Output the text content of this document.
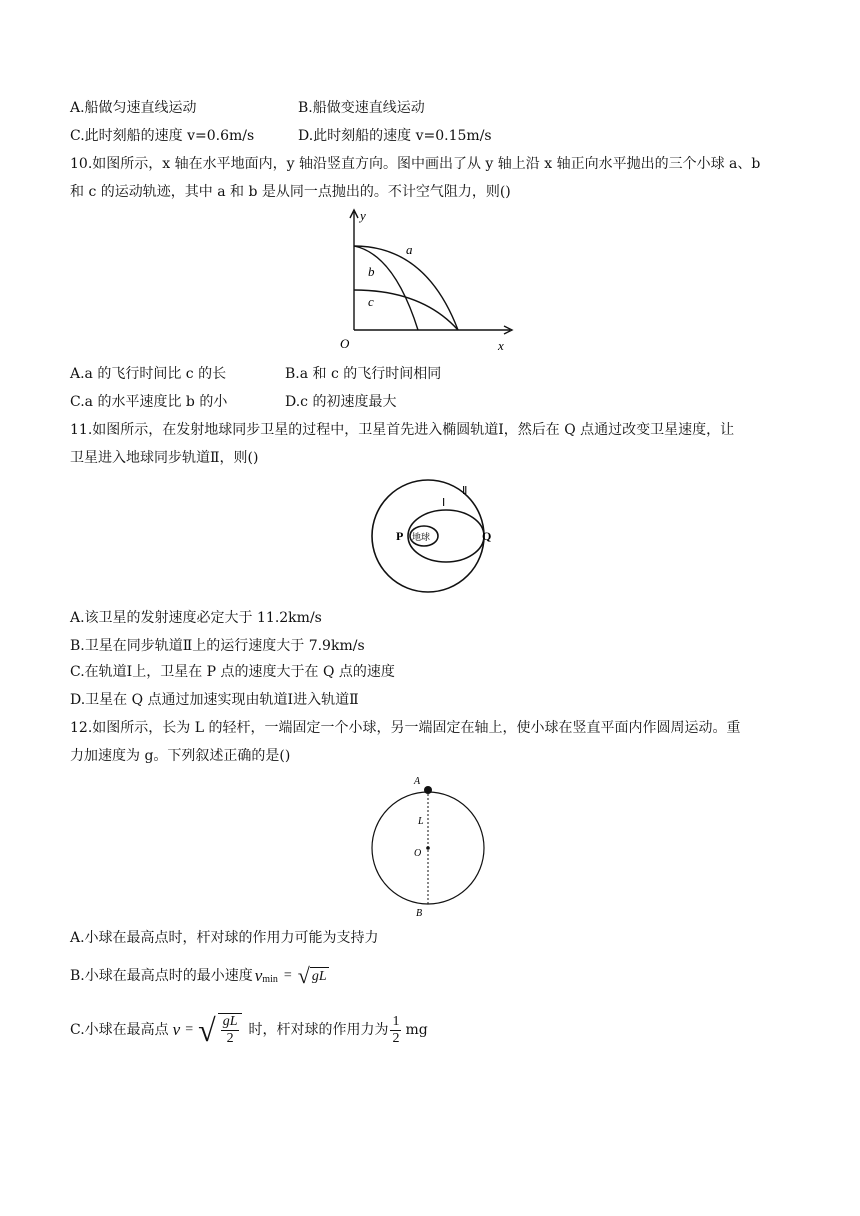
A.船做匀速直线运动	B.船做变速直线运动
C.此时刻船的速度 v=0.6m/s	D.此时刻船的速度 v=0.15m/s
10.如图所示，x 轴在水平地面内，y 轴沿竖直方向。图中画出了从 y 轴上沿 x 轴正向水平抛出的三个小球 a、b
和 c 的运动轨迹，其中 a 和 b 是从同一点抛出的。不计空气阻力，则()
y
x
O
a
b
c
A.a 的飞行时间比 c 的长	B.a 和 c 的飞行时间相同
C.a 的水平速度比 b 的小	D.c 的初速度最大
11.如图所示，在发射地球同步卫星的过程中，卫星首先进入椭圆轨道Ⅰ，然后在 Q 点通过改变卫星速度，让
卫星进入地球同步轨道Ⅱ，则()
Ⅱ
Ⅰ
P	Q
地球
A.该卫星的发射速度必定大于 11.2km/s
B.卫星在同步轨道Ⅱ上的运行速度大于 7.9km/s
C.在轨道Ⅰ上，卫星在 P 点的速度大于在 Q 点的速度
D.卫星在 Q 点通过加速实现由轨道Ⅰ进入轨道Ⅱ
12.如图所示，长为 L 的轻杆，一端固定一个小球，另一端固定在轴上，使小球在竖直平面内作圆周运动。重
力加速度为 g。下列叙述正确的是()
A
L
O
B
A.小球在最高点时，杆对球的作用力可能为支持力
B.小球在最高点时的最小速度 $v_{min}$ = √ gL
C.小球在最高点 v = √ $\frac{gL}{2}$ 时，杆对球的作用力为 $\frac{1}{2}$ mg
